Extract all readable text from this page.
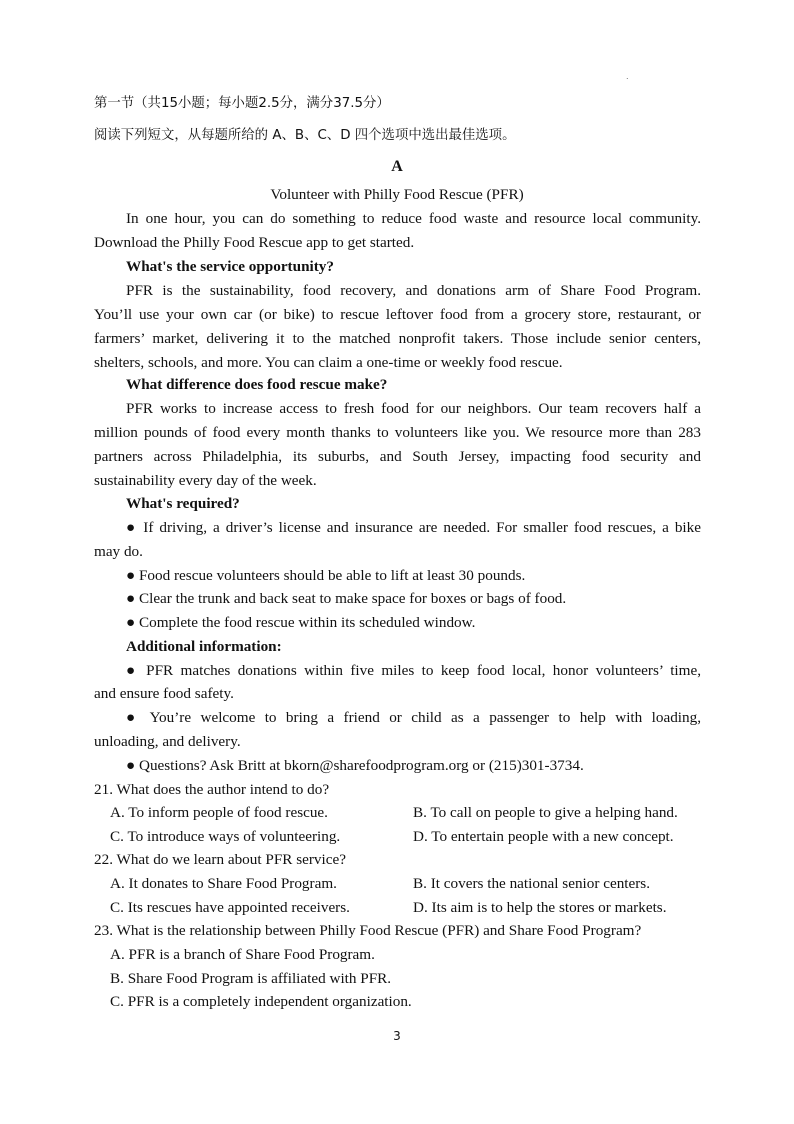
.
第一节（共15小题；每小题2.5分，满分37.5分）
阅读下列短文，从每题所给的 A、B、C、D 四个选项中选出最佳选项。
A
Volunteer with Philly Food Rescue (PFR)
In one hour, you can do something to reduce food waste and resource local community.
Download the Philly Food Rescue app to get started.
What's the service opportunity?
PFR is the sustainability, food recovery, and donations arm of Share Food Program.
You’ll use your own car (or bike) to rescue leftover food from a grocery store, restaurant, or
farmers’ market, delivering it to the matched nonprofit takers. Those include senior centers,
shelters, schools, and more. You can claim a one-time or weekly food rescue.
What difference does food rescue make?
PFR works to increase access to fresh food for our neighbors. Our team recovers half a
million pounds of food every month thanks to volunteers like you. We resource more than 283
partners across Philadelphia, its suburbs, and South Jersey, impacting food security and
sustainability every day of the week.
What's required?
● If driving, a driver’s license and insurance are needed. For smaller food rescues, a bike
may do.
● Food rescue volunteers should be able to lift at least 30 pounds.
● Clear the trunk and back seat to make space for boxes or bags of food.
● Complete the food rescue within its scheduled window.
Additional information:
● PFR matches donations within five miles to keep food local, honor volunteers’ time,
and ensure food safety.
● You’re welcome to bring a friend or child as a passenger to help with loading,
unloading, and delivery.
● Questions? Ask Britt at bkorn@sharefoodprogram.org or (215)301-3734.
21. What does the author intend to do?
A. To inform people of food rescue.	B. To call on people to give a helping hand.
C. To introduce ways of volunteering.	D. To entertain people with a new concept.
22. What do we learn about PFR service?
A. It donates to Share Food Program.	B. It covers the national senior centers.
C. Its rescues have appointed receivers.	D. Its aim is to help the stores or markets.
23. What is the relationship between Philly Food Rescue (PFR) and Share Food Program?
A. PFR is a branch of Share Food Program.
B. Share Food Program is affiliated with PFR.
C. PFR is a completely independent organization.
3
